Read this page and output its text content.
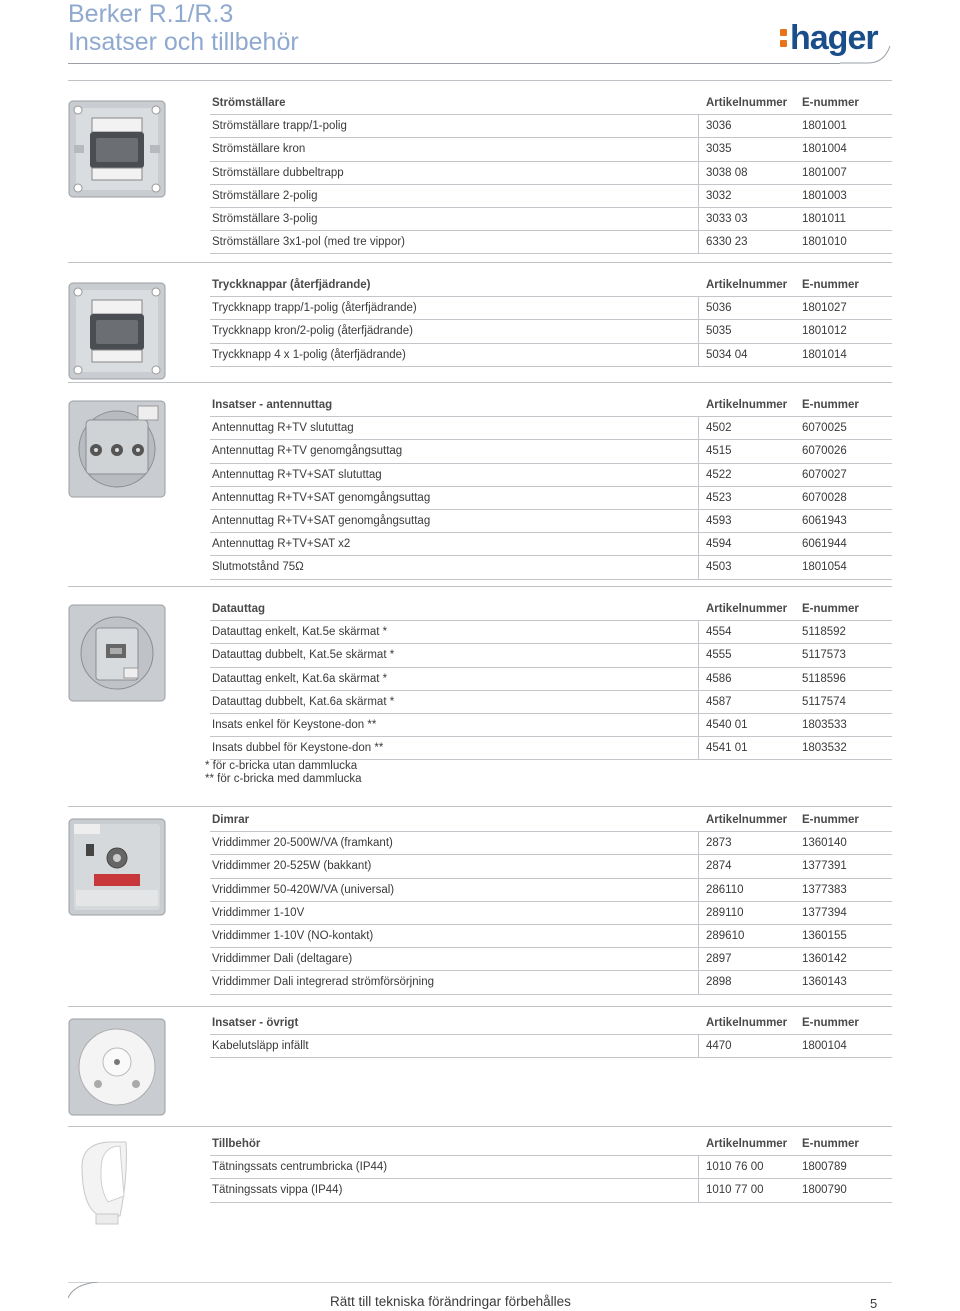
Berker R.1/R.3
Insatser och tillbehör	hager
Strömställare	Artikelnummer E-nummer
Strömställare trapp/1-polig	3036	1801001
Strömställare kron	3035	1801004
Strömställare dubbeltrapp	3038 08	1801007
Strömställare 2-polig	3032	1801003
Strömställare 3-polig	3033 03	1801011
Strömställare 3x1-pol (med tre vippor)	6330 23	1801010
Tryckknappar (återfjädrande)	Artikelnummer E-nummer
Tryckknapp trapp/1-polig (återfjädrande)	5036	1801027
Tryckknapp kron/2-polig (återfjädrande)	5035	1801012
Tryckknapp 4 x 1-polig (återfjädrande)	5034 04	1801014
Insatser - antennuttag	Artikelnummer E-nummer
Antennuttag R+TV slututtag	4502	6070025
Antennuttag R+TV genomgångsuttag	4515	6070026
Antennuttag R+TV+SAT slututtag	4522	6070027
Antennuttag R+TV+SAT genomgångsuttag	4523	6070028
Antennuttag R+TV+SAT genomgångsuttag	4593	6061943
Antennuttag R+TV+SAT x2	4594	6061944
Slutmotstånd 75Ω	4503	1801054
Datauttag	Artikelnummer E-nummer
Datauttag enkelt, Kat.5e skärmat *	4554	5118592
Datauttag dubbelt, Kat.5e skärmat *	4555	5117573
Datauttag enkelt, Kat.6a skärmat *	4586	5118596
Datauttag dubbelt, Kat.6a skärmat *	4587	5117574
Insats enkel för Keystone-don **	4540 01	1803533
Insats dubbel för Keystone-don **	4541 01	1803532
* för c-bricka utan dammlucka
** för c-bricka med dammlucka
Dimrar	Artikelnummer E-nummer
Vriddimmer 20-500W/VA (framkant)	2873	1360140
Vriddimmer 20-525W (bakkant)	2874	1377391
Vriddimmer 50-420W/VA (universal)	286110	1377383
Vriddimmer 1-10V	289110	1377394
Vriddimmer 1-10V (NO-kontakt)	289610	1360155
Vriddimmer Dali (deltagare)	2897	1360142
Vriddimmer Dali integrerad strömförsörjning	2898	1360143
Insatser - övrigt	Artikelnummer E-nummer
Kabelutsläpp infällt	4470	1800104
Tillbehör	Artikelnummer E-nummer
Tätningssats centrumbricka (IP44)	1010 76 00	1800789
Tätningssats vippa (IP44)	1010 77 00	1800790
Rätt till tekniska förändringar förbehålles	5
